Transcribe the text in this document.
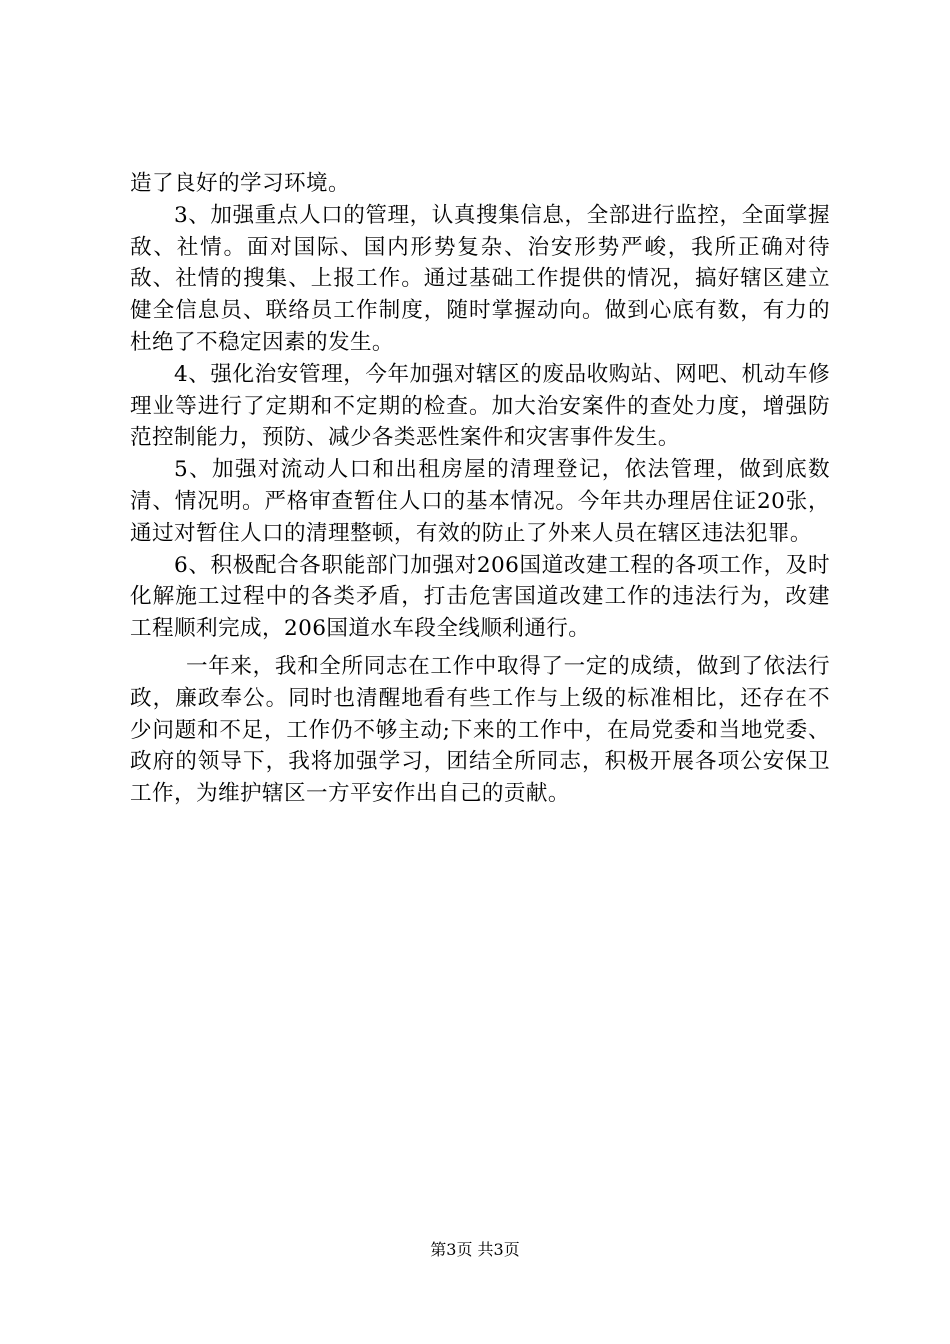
造了良好的学习环境。

3、加强重点人口的管理，认真搜集信息，全部进行监控，全面掌握敌、社情。面对国际、国内形势复杂、治安形势严峻，我所正确对待敌、社情的搜集、上报工作。通过基础工作提供的情况，搞好辖区建立健全信息员、联络员工作制度，随时掌握动向。做到心底有数，有力的杜绝了不稳定因素的发生。

4、强化治安管理，今年加强对辖区的废品收购站、网吧、机动车修理业等进行了定期和不定期的检查。加大治安案件的查处力度，增强防范控制能力，预防、减少各类恶性案件和灾害事件发生。

5、加强对流动人口和出租房屋的清理登记，依法管理，做到底数清、情况明。严格审查暂住人口的基本情况。今年共办理居住证20张，通过对暂住人口的清理整顿，有效的防止了外来人员在辖区违法犯罪。

6、积极配合各职能部门加强对206国道改建工程的各项工作，及时化解施工过程中的各类矛盾，打击危害国道改建工作的违法行为，改建工程顺利完成，206国道水车段全线顺利通行。

一年来，我和全所同志在工作中取得了一定的成绩，做到了依法行政，廉政奉公。同时也清醒地看有些工作与上级的标准相比，还存在不少问题和不足，工作仍不够主动;下来的工作中，在局党委和当地党委、政府的领导下，我将加强学习，团结全所同志，积极开展各项公安保卫工作，为维护辖区一方平安作出自己的贡献。

第3页 共3页
